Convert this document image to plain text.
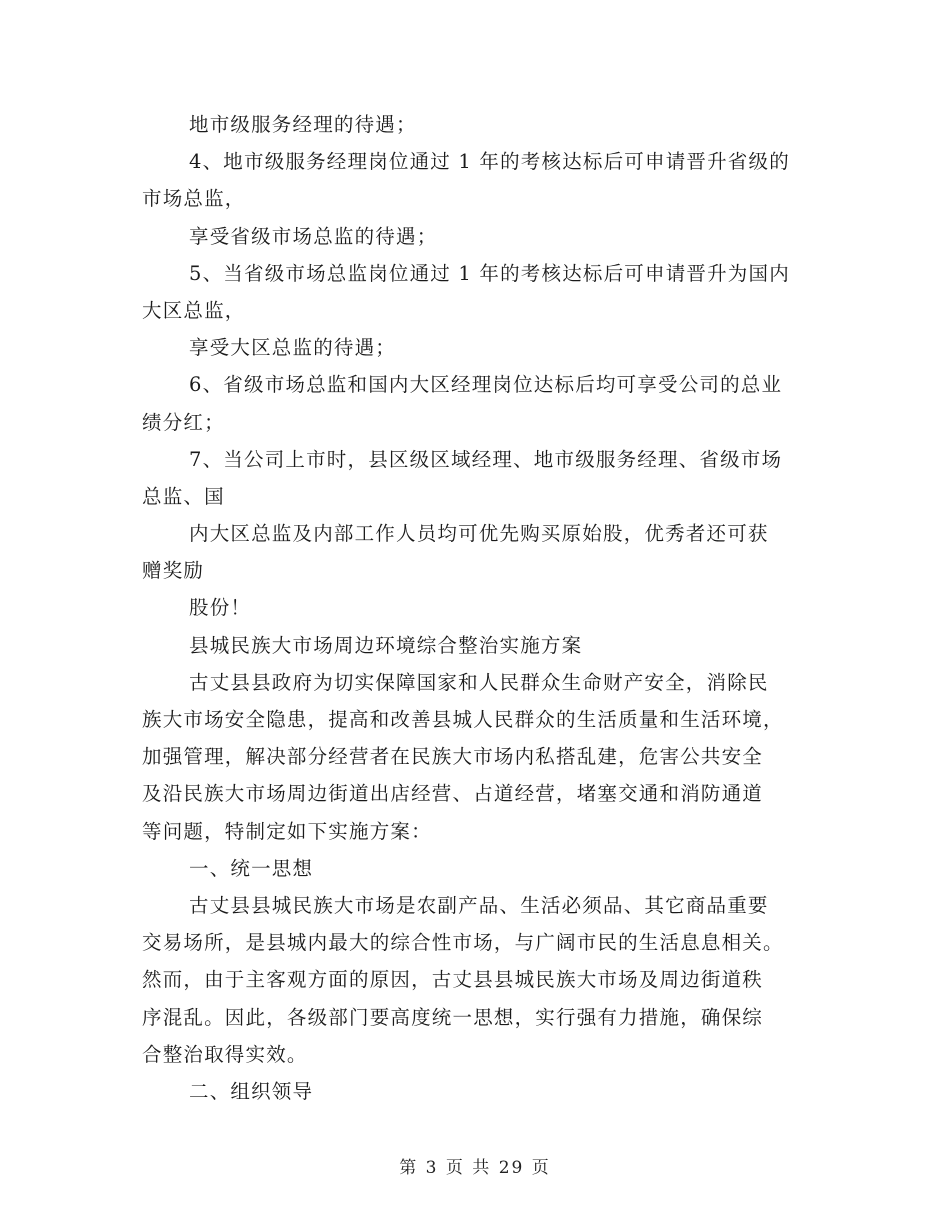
地市级服务经理的待遇；
4、地市级服务经理岗位通过 1 年的考核达标后可申请晋升省级的
市场总监，
享受省级市场总监的待遇；
5、当省级市场总监岗位通过 1 年的考核达标后可申请晋升为国内
大区总监，
享受大区总监的待遇；
6、省级市场总监和国内大区经理岗位达标后均可享受公司的总业
绩分红；
7、当公司上市时，县区级区域经理、地市级服务经理、省级市场
总监、国
内大区总监及内部工作人员均可优先购买原始股，优秀者还可获
赠奖励
股份！
县城民族大市场周边环境综合整治实施方案
古丈县县政府为切实保障国家和人民群众生命财产安全，消除民
族大市场安全隐患，提高和改善县城人民群众的生活质量和生活环境，
加强管理，解决部分经营者在民族大市场内私搭乱建，危害公共安全
及沿民族大市场周边街道出店经营、占道经营，堵塞交通和消防通道
等问题，特制定如下实施方案：
一、统一思想
古丈县县城民族大市场是农副产品、生活必须品、其它商品重要
交易场所，是县城内最大的综合性市场，与广阔市民的生活息息相关。
然而，由于主客观方面的原因，古丈县县城民族大市场及周边街道秩
序混乱。因此，各级部门要高度统一思想，实行强有力措施，确保综
合整治取得实效。
二、组织领导
第 3 页 共 29 页
